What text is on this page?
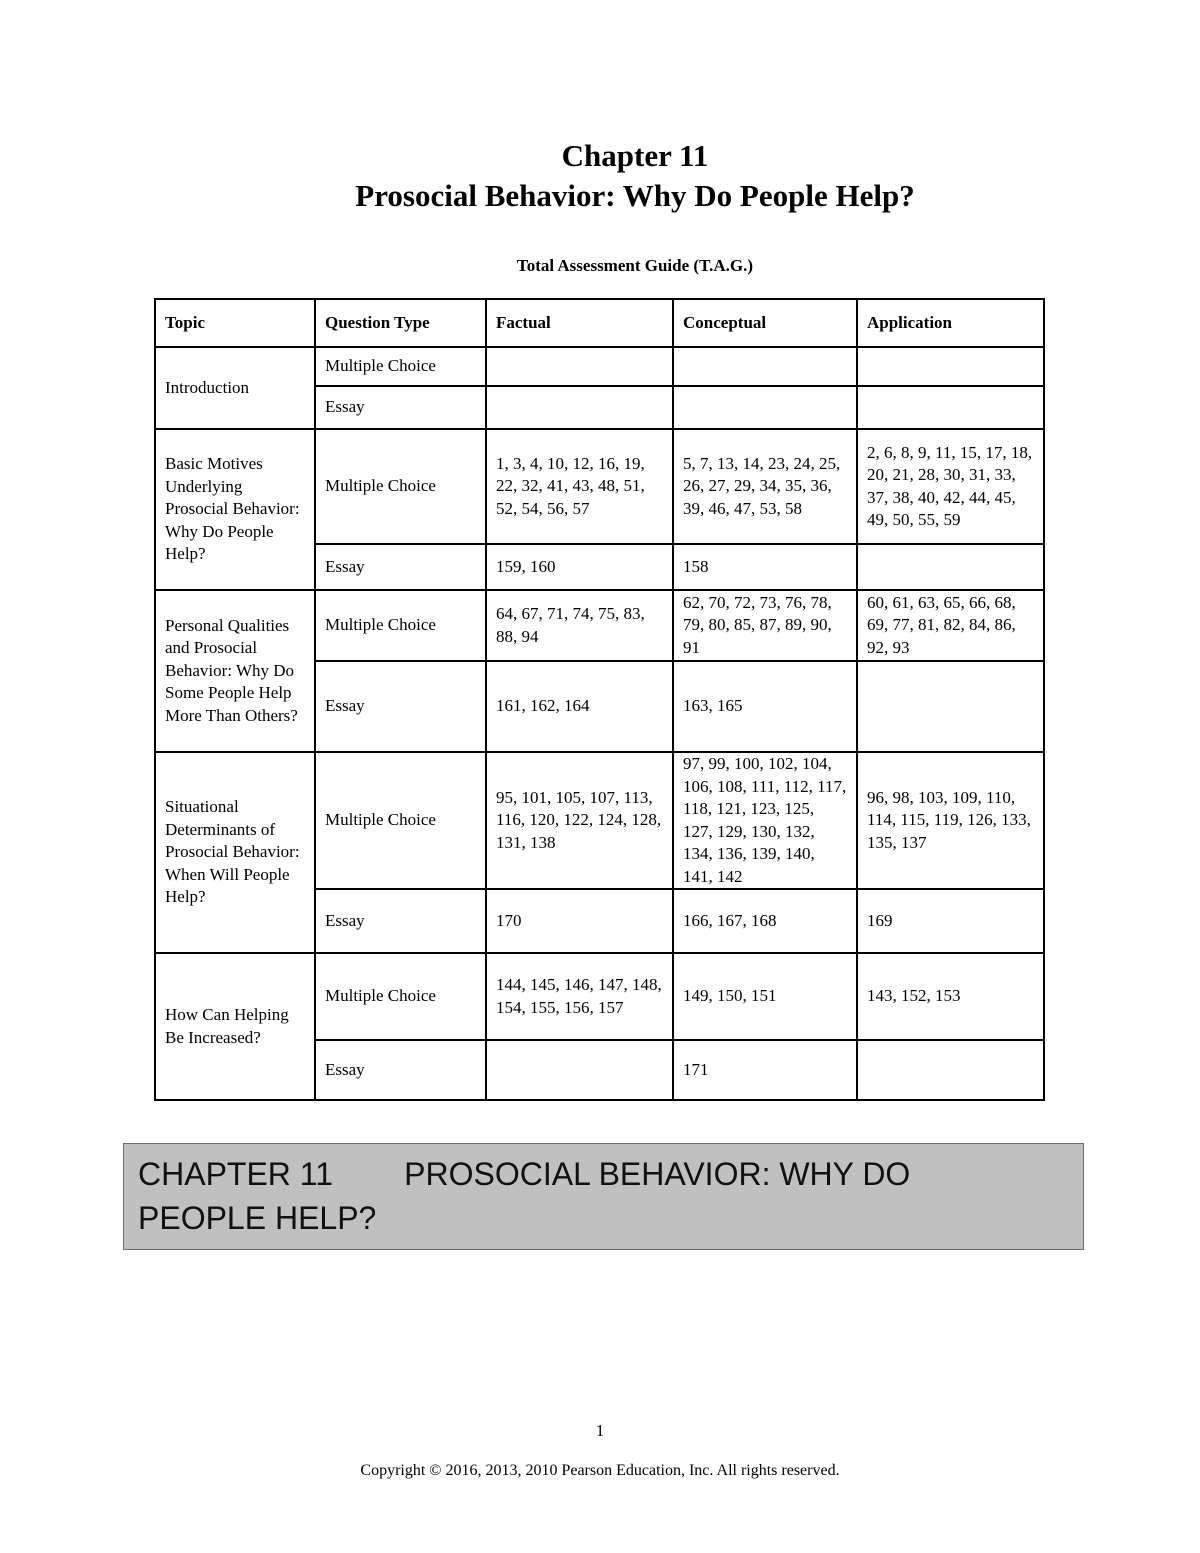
Chapter 11
Prosocial Behavior: Why Do People Help?

Total Assessment Guide (T.A.G.)

Topic	Question Type	Factual	Conceptual	Application
Introduction	Multiple Choice			
	Essay			
Basic Motives Underlying Prosocial Behavior: Why Do People Help?	Multiple Choice	1, 3, 4, 10, 12, 16, 19, 22, 32, 41, 43, 48, 51, 52, 54, 56, 57	5, 7, 13, 14, 23, 24, 25, 26, 27, 29, 34, 35, 36, 39, 46, 47, 53, 58	2, 6, 8, 9, 11, 15, 17, 18, 20, 21, 28, 30, 31, 33, 37, 38, 40, 42, 44, 45, 49, 50, 55, 59
	Essay	159, 160	158	
Personal Qualities and Prosocial Behavior: Why Do Some People Help More Than Others?	Multiple Choice	64, 67, 71, 74, 75, 83, 88, 94	62, 70, 72, 73, 76, 78, 79, 80, 85, 87, 89, 90, 91	60, 61, 63, 65, 66, 68, 69, 77, 81, 82, 84, 86, 92, 93
	Essay	161, 162, 164	163, 165	
Situational Determinants of Prosocial Behavior: When Will People Help?	Multiple Choice	95, 101, 105, 107, 113, 116, 120, 122, 124, 128, 131, 138	97, 99, 100, 102, 104, 106, 108, 111, 112, 117, 118, 121, 123, 125, 127, 129, 130, 132, 134, 136, 139, 140, 141, 142	96, 98, 103, 109, 110, 114, 115, 119, 126, 133, 135, 137
	Essay	170	166, 167, 168	169
How Can Helping Be Increased?	Multiple Choice	144, 145, 146, 147, 148, 154, 155, 156, 157	149, 150, 151	143, 152, 153
	Essay		171	
CHAPTER 11        PROSOCIAL BEHAVIOR: WHY DO
PEOPLE HELP?
1
Copyright © 2016, 2013, 2010 Pearson Education, Inc. All rights reserved.
